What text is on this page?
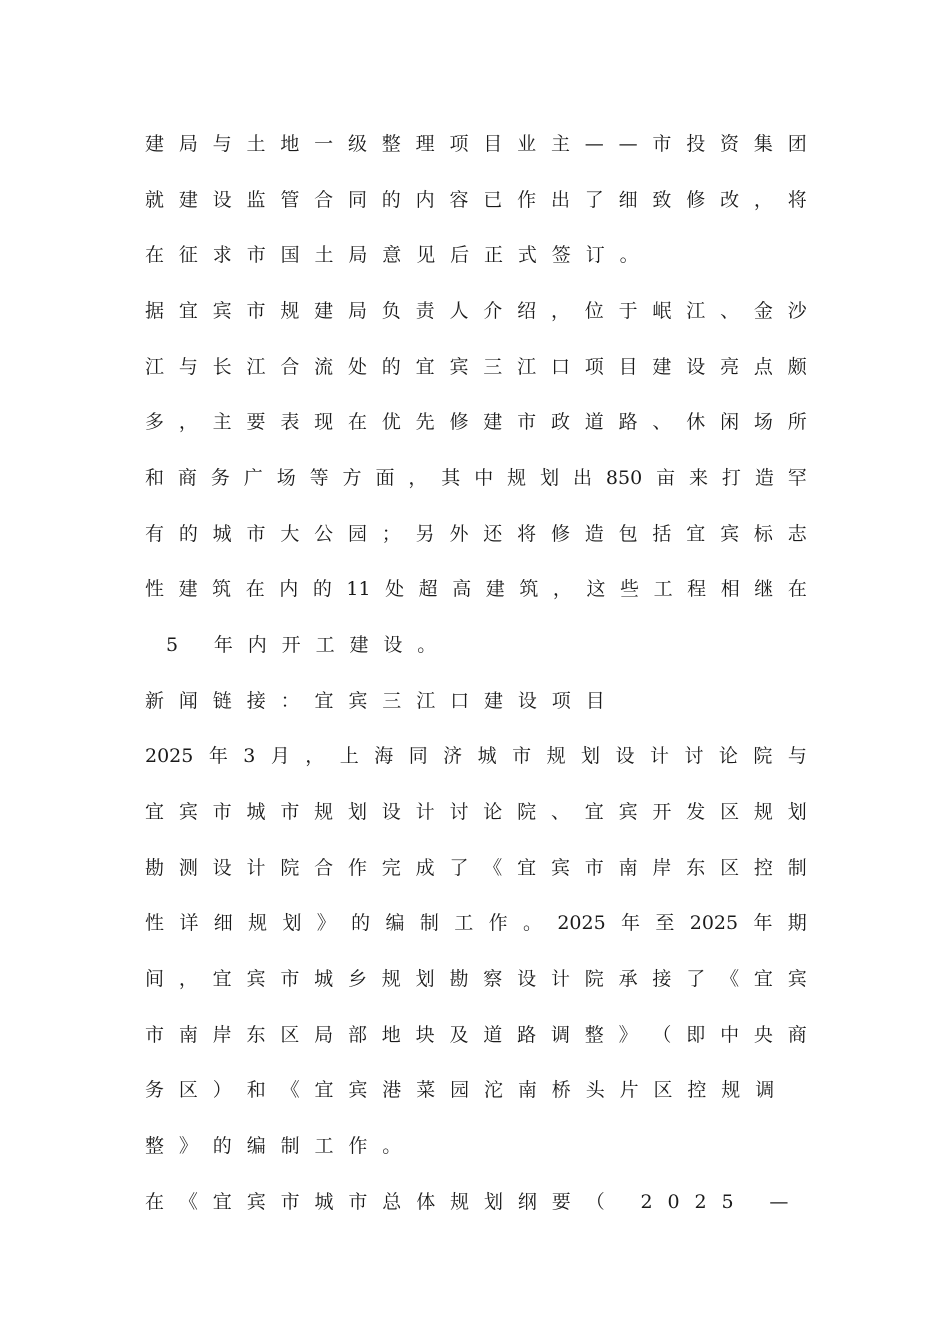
建 局 与 土 地 一 级 整 理 项 目 业 主 — — 市 投 资 集 团
就 建 设 监 管 合 同 的 内 容 已 作 出 了 细 致 修 改 ， 将
在征求市国土局意见后正式签订。
据 宜 宾 市 规 建 局 负 责 人 介 绍 ， 位 于 岷 江 、 金 沙
江 与 长 江 合 流 处 的 宜 宾 三 江 口 项 目 建 设 亮 点 颇
多 ， 主 要 表 现 在 优 先 修 建 市 政 道 路 、 休 闲 场 所
和 商 务 广 场 等 方 面 ， 其 中 规 划 出 850 亩 来 打 造 罕
有 的 城 市 大 公 园 ； 另 外 还 将 修 造 包 括 宜 宾 标 志
性 建 筑 在 内 的 11 处 超 高 建 筑 ， 这 些 工 程 相 继 在
5 年内开工建设。
新闻链接：宜宾三江口建设项目
2025 年 3 月 ， 上 海 同 济 城 市 规 划 设 计 讨 论 院 与
宜 宾 市 城 市 规 划 设 计 讨 论 院 、 宜 宾 开 发 区 规 划
勘 测 设 计 院 合 作 完 成 了 《 宜 宾 市 南 岸 东 区 控 制
性 详 细 规 划 》 的 编 制 工 作 。 2025 年 至 2025 年 期
间 ， 宜 宾 市 城 乡 规 划 勘 察 设 计 院 承 接 了 《 宜 宾
市 南 岸 东 区 局 部 地 块 及 道 路 调 整 》 （ 即 中 央 商
务区）和《宜宾港菜园沱南桥头片区控规调
整》的编制工作。
在《宜宾市城市总体规划纲要（ 2025 —
